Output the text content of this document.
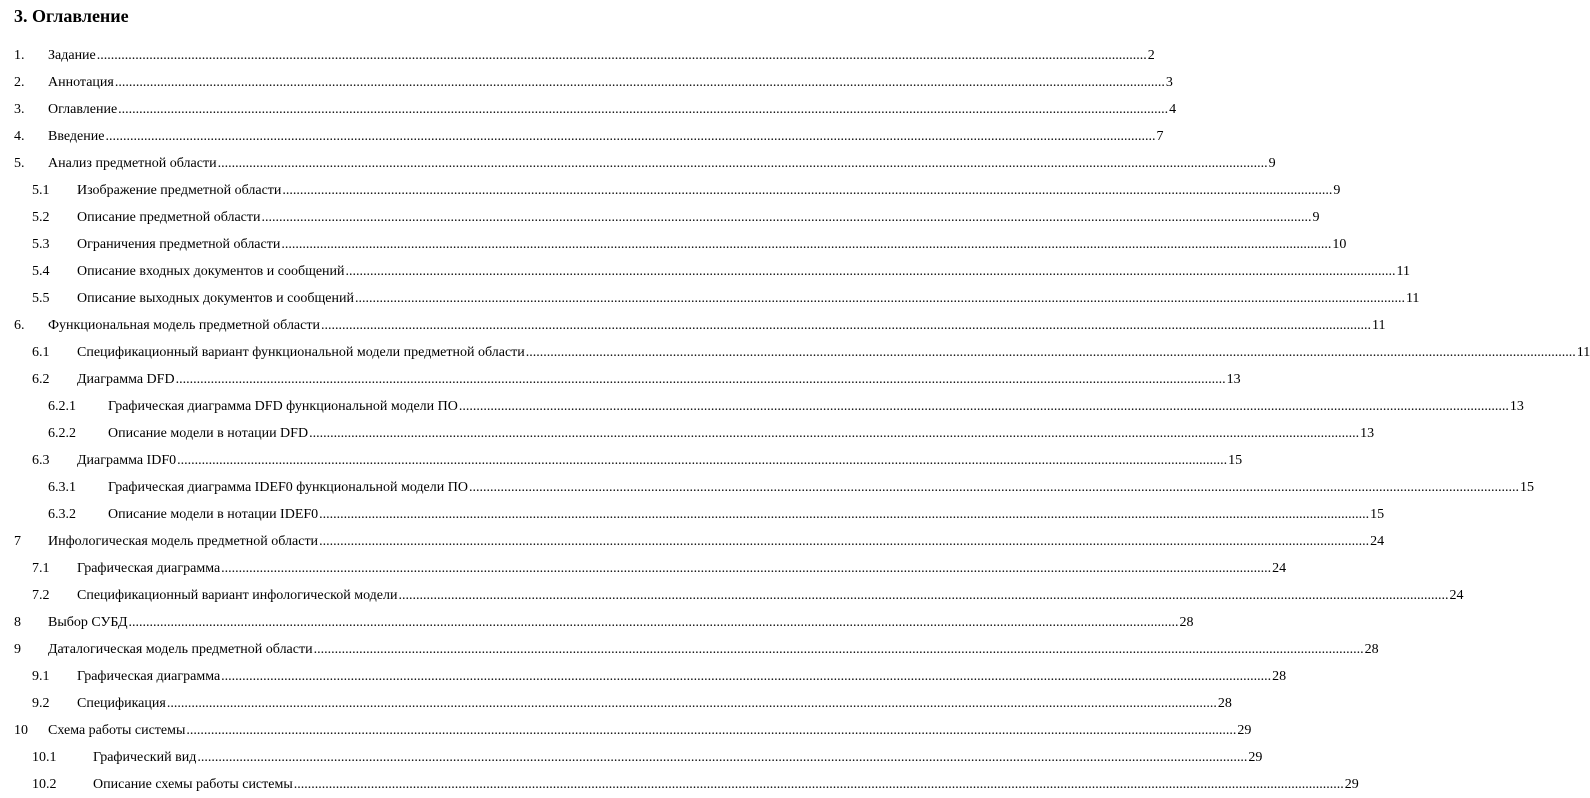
3. Оглавление
1. Задание ............................................................................................................................................................................................................................................................................................................ 2
2. Аннотация ............................................................................................................................................................................................................................................................................................................ 3
3. Оглавление ............................................................................................................................................................................................................................................................................................................ 4
4. Введение ............................................................................................................................................................................................................................................................................................................ 7
5. Анализ предметной области ............................................................................................................................................................................................................................................................................................................ 9
5.1 Изображение предметной области ............................................................................................................................................................................................................................................................................................................ 9
5.2 Описание предметной области ............................................................................................................................................................................................................................................................................................................ 9
5.3 Ограничения предметной области ............................................................................................................................................................................................................................................................................................................ 10
5.4 Описание входных документов и сообщений ............................................................................................................................................................................................................................................................................................................ 11
5.5 Описание выходных документов и сообщений ............................................................................................................................................................................................................................................................................................................ 11
6. Функциональная модель предметной области ............................................................................................................................................................................................................................................................................................................ 11
6.1 Спецификационный вариант функциональной модели предметной области ............................................................................................................................................................................................................................................................................................................ 11
6.2 Диаграмма DFD ............................................................................................................................................................................................................................................................................................................ 13
6.2.1 Графическая диаграмма DFD функциональной модели ПО ............................................................................................................................................................................................................................................................................................................ 13
6.2.2 Описание модели в нотации DFD ............................................................................................................................................................................................................................................................................................................ 13
6.3 Диаграмма IDF0 ............................................................................................................................................................................................................................................................................................................ 15
6.3.1 Графическая диаграмма IDEF0 функциональной модели ПО ............................................................................................................................................................................................................................................................................................................ 15
6.3.2 Описание модели в нотации IDEF0 ............................................................................................................................................................................................................................................................................................................ 15
7 Инфологическая модель предметной области ............................................................................................................................................................................................................................................................................................................ 24
7.1 Графическая диаграмма ............................................................................................................................................................................................................................................................................................................ 24
7.2 Спецификационный вариант инфологической модели ............................................................................................................................................................................................................................................................................................................ 24
8 Выбор СУБД ............................................................................................................................................................................................................................................................................................................ 28
9 Даталогическая модель предметной области ............................................................................................................................................................................................................................................................................................................ 28
9.1 Графическая диаграмма ............................................................................................................................................................................................................................................................................................................ 28
9.2 Спецификация ............................................................................................................................................................................................................................................................................................................ 28
10 Схема работы системы ............................................................................................................................................................................................................................................................................................................ 29
10.1	Графический вид ............................................................................................................................................................................................................................................................................................................ 29
10.2	Описание схемы работы системы ............................................................................................................................................................................................................................................................................................................ 29
